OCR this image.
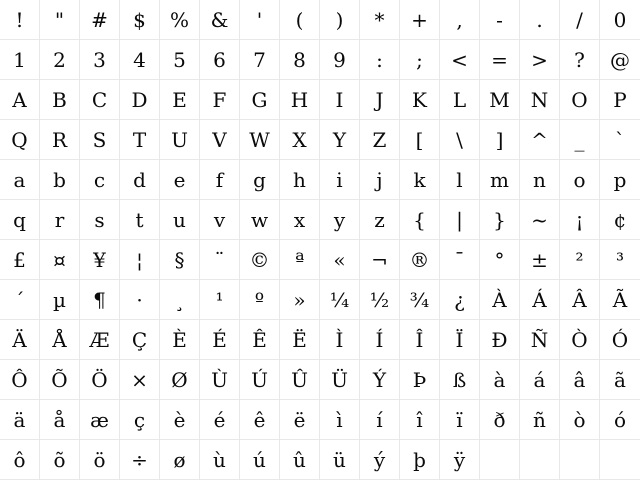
!	"	#	$	%	&	'	(	)	*	+	,	-	.	/	0
1	2	3	4	5	6	7	8	9	:	;	<	=	>	?	@
A	B	C	D	E	F	G	H	I	J	K	L	M	N	O	P
Q	R	S	T	U	V	W	X	Y	Z	[	\	]	^	_	`
a	b	c	d	e	f	g	h	i	j	k	l	m	n	o	p
q	r	s	t	u	v	w	x	y	z	{	|	}	~	¡	¢
£	¤	¥	¦	§	¨	©	ª	«	¬	®	¯	°	±	²	³
´	µ	¶	·	¸	¹	º	»	¼	½	¾	¿	À	Á	Â	Ã
Ä	Å	Æ	Ç	È	É	Ê	Ë	Ì	Í	Î	Ï	Ð	Ñ	Ò	Ó
Ô	Õ	Ö	×	Ø	Ù	Ú	Û	Ü	Ý	Þ	ß	à	á	â	ã
ä	å	æ	ç	è	é	ê	ë	ì	í	î	ï	ð	ñ	ò	ó
ô	õ	ö	÷	ø	ù	ú	û	ü	ý	þ	ÿ
